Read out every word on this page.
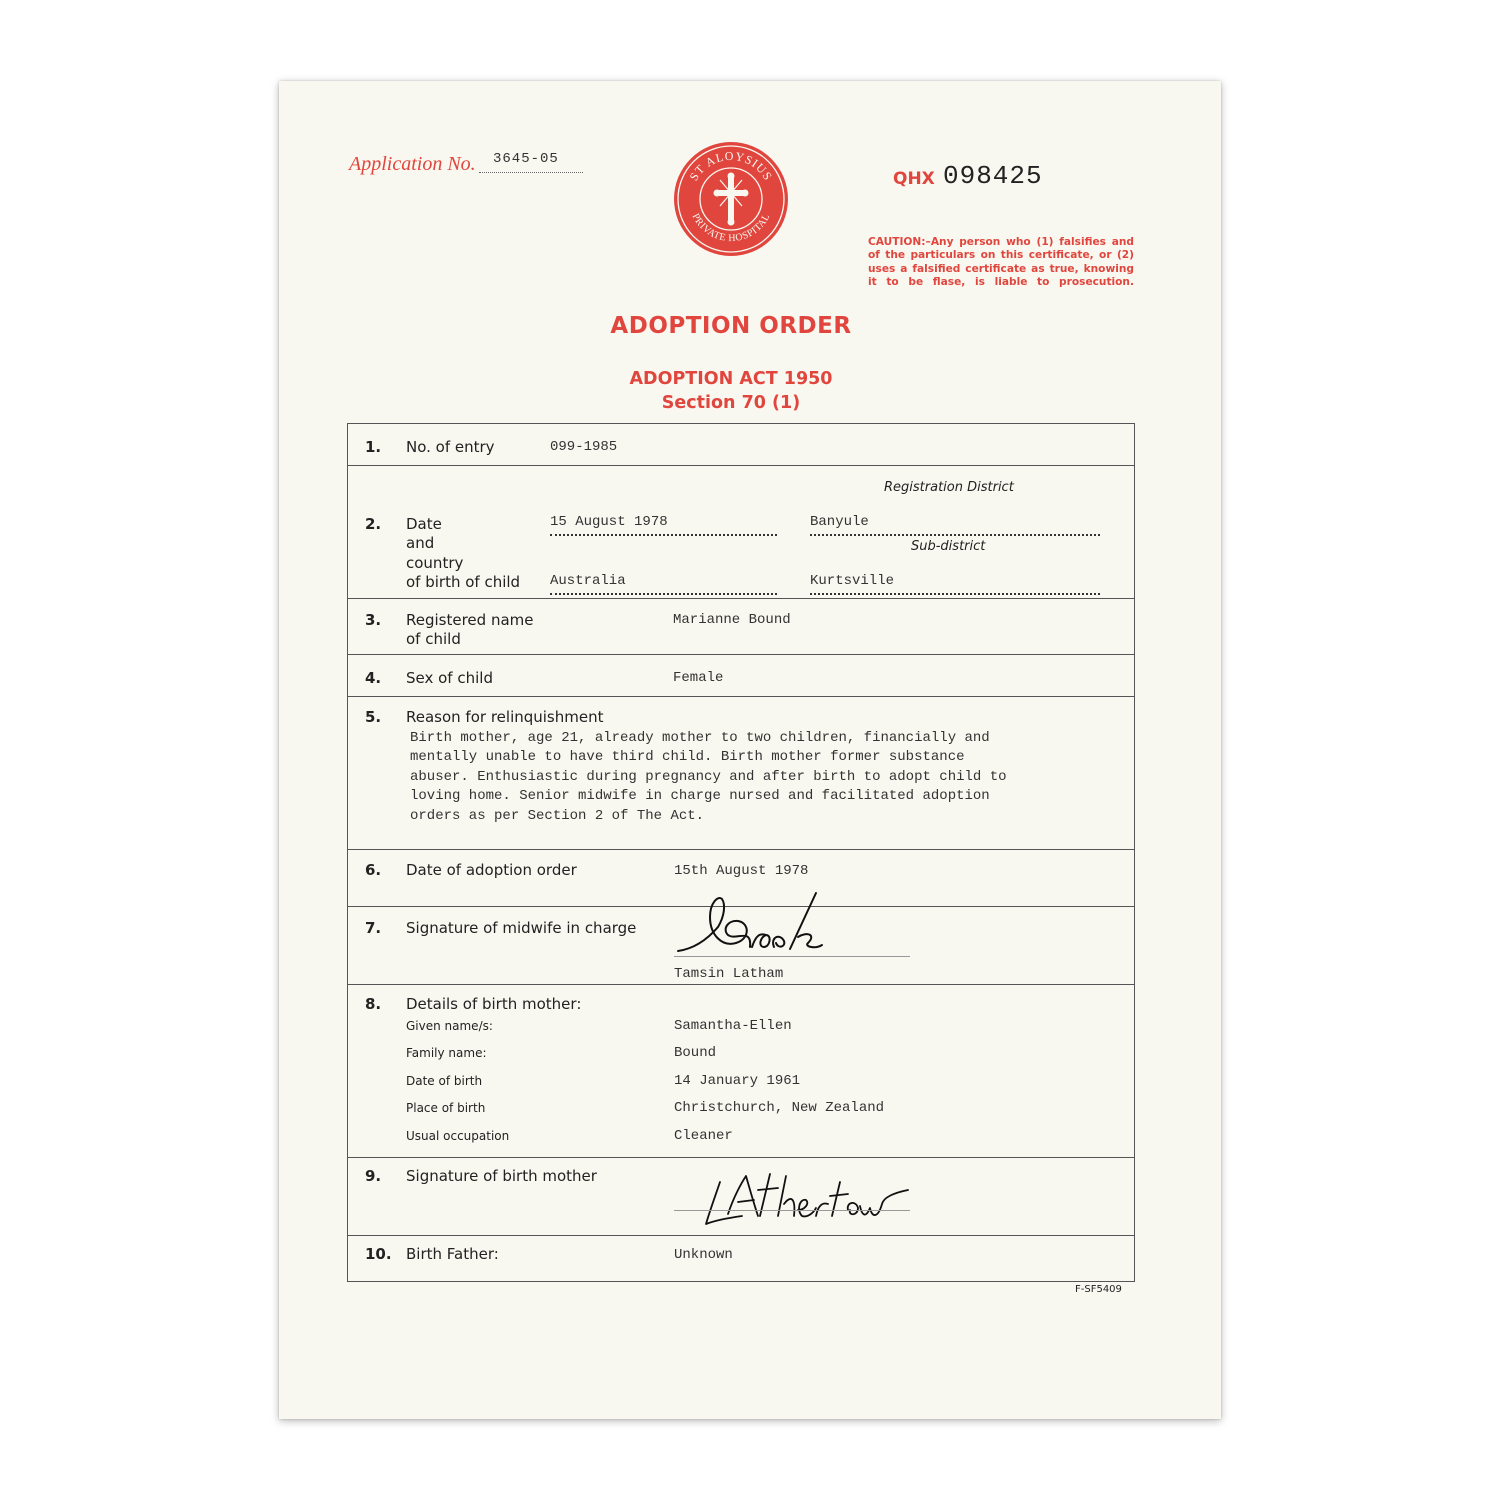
Application No.	3645-05
ST ALOYSIUS
PRIVATE HOSPITAL
QHX 098425
CAUTION:–Any person who (1) falsifies and of the particulars on this certificate, or (2) uses a falsified certificate as true, knowing it to be flase, is liable to prosecution.
ADOPTION ORDER
ADOPTION ACT 1950
Section 70 (1)
1. No. of entry	099-1985
Registration District
2. Date
and
country
of birth of child
15 August 1978	Banyule
Sub-district
Australia	Kurtsville
3. Registered name
of child
Marianne Bound
4. Sex of child	Female
5. Reason for relinquishment
Birth mother, age 21, already mother to two children, financially and
mentally unable to have third child. Birth mother former substance
abuser. Enthusiastic during pregnancy and after birth to adopt child to
loving home. Senior midwife in charge nursed and facilitated adoption
orders as per Section 2 of The Act.
6. Date of adoption order	15th August 1978
7. Signature of midwife in charge
Tamsin Latham
8. Details of birth mother:
Given name/s:	Samantha-Ellen
Family name:	Bound
Date of birth	14 January 1961
Place of birth	Christchurch, New Zealand
Usual occupation	Cleaner
9. Signature of birth mother
10. Birth Father:	Unknown
F-SF5409
